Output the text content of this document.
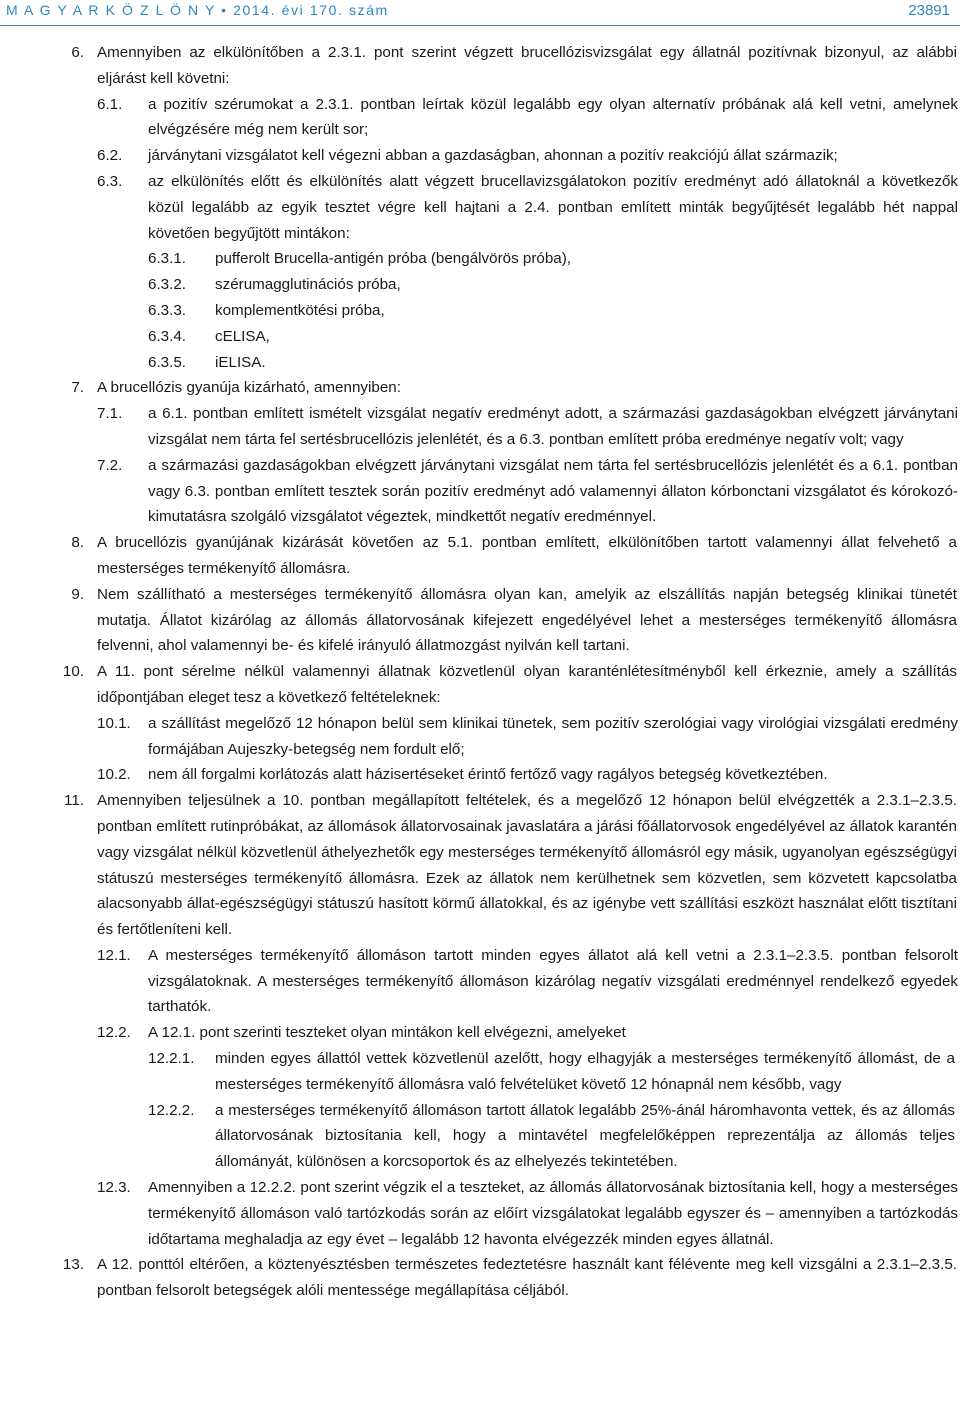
M A G Y A R K Ö Z L Ö N Y • 2014. évi 170. szám	23891
6. Amennyiben az elkülönítőben a 2.3.1. pont szerint végzett brucellózisvizsgálat egy állatnál pozitívnak bizonyul, az alábbi eljárást kell követni:

6.1. a pozitív szérumokat a 2.3.1. pontban leírtak közül legalább egy olyan alternatív próbának alá kell vetni, amelynek elvégzésére még nem került sor;

6.2. járványtani vizsgálatot kell végezni abban a gazdaságban, ahonnan a pozitív reakciójú állat származik;

6.3. az elkülönítés előtt és elkülönítés alatt végzett brucellavizsgálatokon pozitív eredményt adó állatoknál a következők közül legalább az egyik tesztet végre kell hajtani a 2.4. pontban említett minták begyűjtését legalább hét nappal követően begyűjtött mintákon:

6.3.1. pufferolt Brucella-antigén próba (bengálvörös próba),

6.3.2. szérumagglutinációs próba,

6.3.3. komplementkötési próba,

6.3.4. cELISA,

6.3.5. iELISA.

7. A brucellózis gyanúja kizárható, amennyiben:

7.1. a 6.1. pontban említett ismételt vizsgálat negatív eredményt adott, a származási gazdaságokban elvégzett járványtani vizsgálat nem tárta fel sertésbrucellózis jelenlétét, és a 6.3. pontban említett próba eredménye negatív volt; vagy

7.2. a származási gazdaságokban elvégzett járványtani vizsgálat nem tárta fel sertésbrucellózis jelenlétét és a 6.1. pontban vagy 6.3. pontban említett tesztek során pozitív eredményt adó valamennyi állaton kórbonctani vizsgálatot és kórokozó-kimutatásra szolgáló vizsgálatot végeztek, mindkettőt negatív eredménnyel.

8. A brucellózis gyanújának kizárását követően az 5.1. pontban említett, elkülönítőben tartott valamennyi állat felvehető a mesterséges termékenyítő állomásra.

9. Nem szállítható a mesterséges termékenyítő állomásra olyan kan, amelyik az elszállítás napján betegség klinikai tünetét mutatja. Állatot kizárólag az állomás állatorvosának kifejezett engedélyével lehet a mesterséges termékenyítő állomásra felvenni, ahol valamennyi be- és kifelé irányuló állatmozgást nyilván kell tartani.

10. A 11. pont sérelme nélkül valamennyi állatnak közvetlenül olyan karanténlétesítményből kell érkeznie, amely a szállítás időpontjában eleget tesz a következő feltételeknek:

10.1. a szállítást megelőző 12 hónapon belül sem klinikai tünetek, sem pozitív szerológiai vagy virológiai vizsgálati eredmény formájában Aujeszky-betegség nem fordult elő;

10.2. nem áll forgalmi korlátozás alatt házisertéseket érintő fertőző vagy ragályos betegség következtében.

11. Amennyiben teljesülnek a 10. pontban megállapított feltételek, és a megelőző 12 hónapon belül elvégzették a 2.3.1–2.3.5. pontban említett rutinpróbákat, az állomások állatorvosainak javaslatára a járási főállatorvosok engedélyével az állatok karantén vagy vizsgálat nélkül közvetlenül áthelyezhetők egy mesterséges termékenyítő állomásról egy másik, ugyanolyan egészségügyi státuszú mesterséges termékenyítő állomásra. Ezek az állatok nem kerülhetnek sem közvetlen, sem közvetett kapcsolatba alacsonyabb állat-egészségügyi státuszú hasított körmű állatokkal, és az igénybe vett szállítási eszközt használat előtt tisztítani és fertőtleníteni kell.

12.1. A mesterséges termékenyítő állomáson tartott minden egyes állatot alá kell vetni a 2.3.1–2.3.5. pontban felsorolt vizsgálatoknak. A mesterséges termékenyítő állomáson kizárólag negatív vizsgálati eredménnyel rendelkező egyedek tarthatók.

12.2. A 12.1. pont szerinti teszteket olyan mintákon kell elvégezni, amelyeket

12.2.1. minden egyes állattól vettek közvetlenül azelőtt, hogy elhagyják a mesterséges termékenyítő állomást, de a mesterséges termékenyítő állomásra való felvételüket követő 12 hónapnál nem később, vagy

12.2.2. a mesterséges termékenyítő állomáson tartott állatok legalább 25%-ánál háromhavonta vettek, és az állomás állatorvosának biztosítania kell, hogy a mintavétel megfelelőképpen reprezentálja az állomás teljes állományát, különösen a korcsoportok és az elhelyezés tekintetében.

12.3. Amennyiben a 12.2.2. pont szerint végzik el a teszteket, az állomás állatorvosának biztosítania kell, hogy a mesterséges termékenyítő állomáson való tartózkodás során az előírt vizsgálatokat legalább egyszer és – amennyiben a tartózkodás időtartama meghaladja az egy évet – legalább 12 havonta elvégezzék minden egyes állatnál.

13. A 12. ponttól eltérően, a köztenyésztésben természetes fedeztetésre használt kant félévente meg kell vizsgálni a 2.3.1–2.3.5. pontban felsorolt betegségek alóli mentessége megállapítása céljából.
